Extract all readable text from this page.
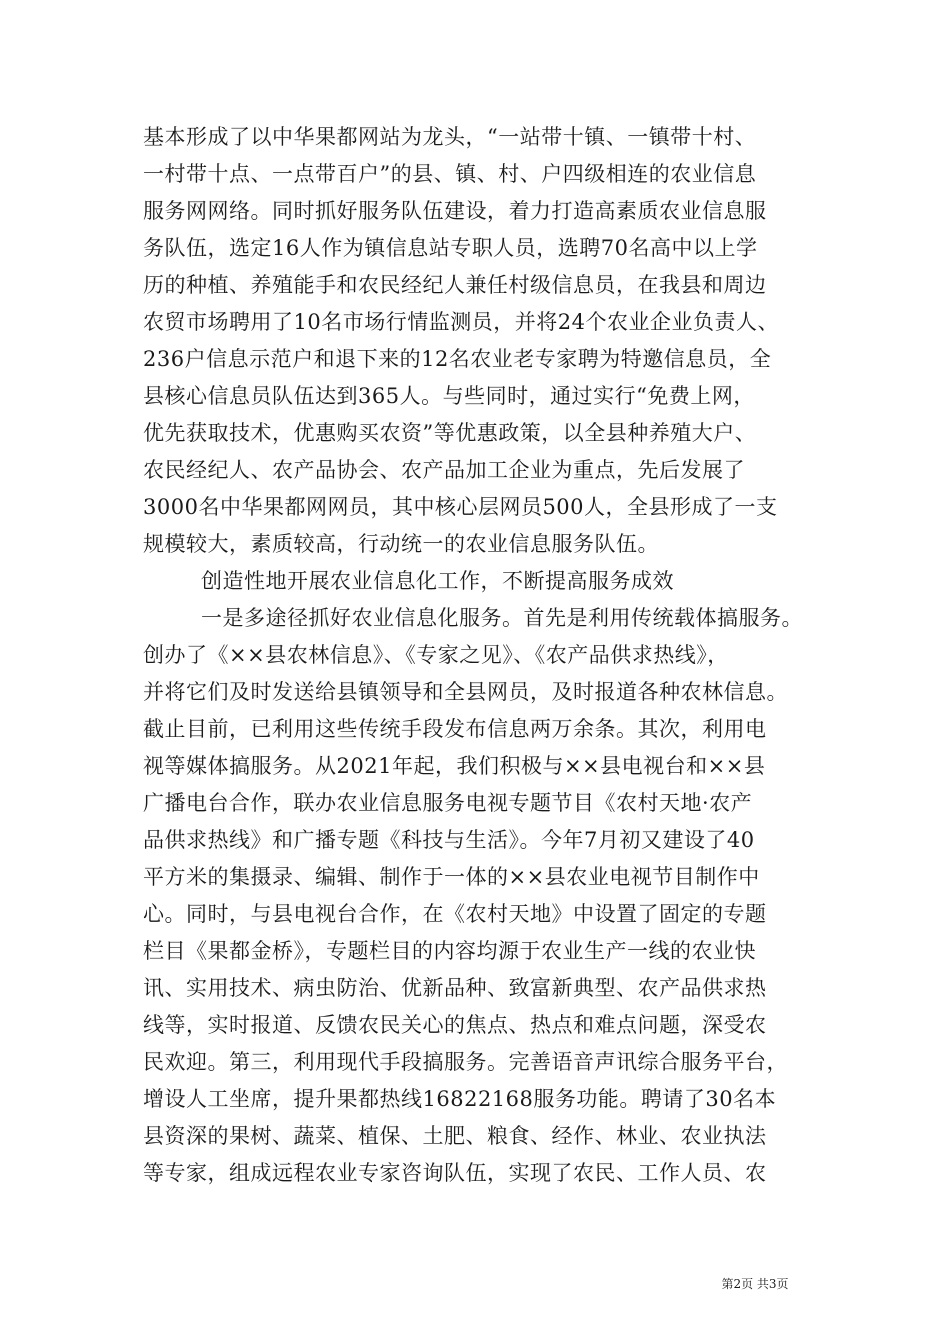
基本形成了以中华果都网站为龙头，“一站带十镇、一镇带十村、
一村带十点、一点带百户”的县、镇、村、户四级相连的农业信息
服务网网络。同时抓好服务队伍建设，着力打造高素质农业信息服
务队伍，选定16人作为镇信息站专职人员，选聘70名高中以上学
历的种植、养殖能手和农民经纪人兼任村级信息员，在我县和周边
农贸市场聘用了10名市场行情监测员，并将24个农业企业负责人、
236户信息示范户和退下来的12名农业老专家聘为特邀信息员，全
县核心信息员队伍达到365人。与些同时，通过实行“免费上网，
优先获取技术，优惠购买农资”等优惠政策，以全县种养殖大户、
农民经纪人、农产品协会、农产品加工企业为重点，先后发展了
3000名中华果都网网员，其中核心层网员500人，全县形成了一支
规模较大，素质较高，行动统一的农业信息服务队伍。
创造性地开展农业信息化工作，不断提高服务成效
一是多途径抓好农业信息化服务。首先是利用传统载体搞服务。
创办了《××县农林信息》、《专家之见》、《农产品供求热线》，
并将它们及时发送给县镇领导和全县网员，及时报道各种农林信息。
截止目前，已利用这些传统手段发布信息两万余条。其次，利用电
视等媒体搞服务。从2021年起，我们积极与××县电视台和××县
广播电台合作，联办农业信息服务电视专题节目《农村天地·农产
品供求热线》和广播专题《科技与生活》。今年7月初又建设了40
平方米的集摄录、编辑、制作于一体的××县农业电视节目制作中
心。同时，与县电视台合作，在《农村天地》中设置了固定的专题
栏目《果都金桥》，专题栏目的内容均源于农业生产一线的农业快
讯、实用技术、病虫防治、优新品种、致富新典型、农产品供求热
线等，实时报道、反馈农民关心的焦点、热点和难点问题，深受农
民欢迎。第三，利用现代手段搞服务。完善语音声讯综合服务平台，
增设人工坐席，提升果都热线16822168服务功能。聘请了30名本
县资深的果树、蔬菜、植保、土肥、粮食、经作、林业、农业执法
等专家，组成远程农业专家咨询队伍，实现了农民、工作人员、农
第2页 共3页
